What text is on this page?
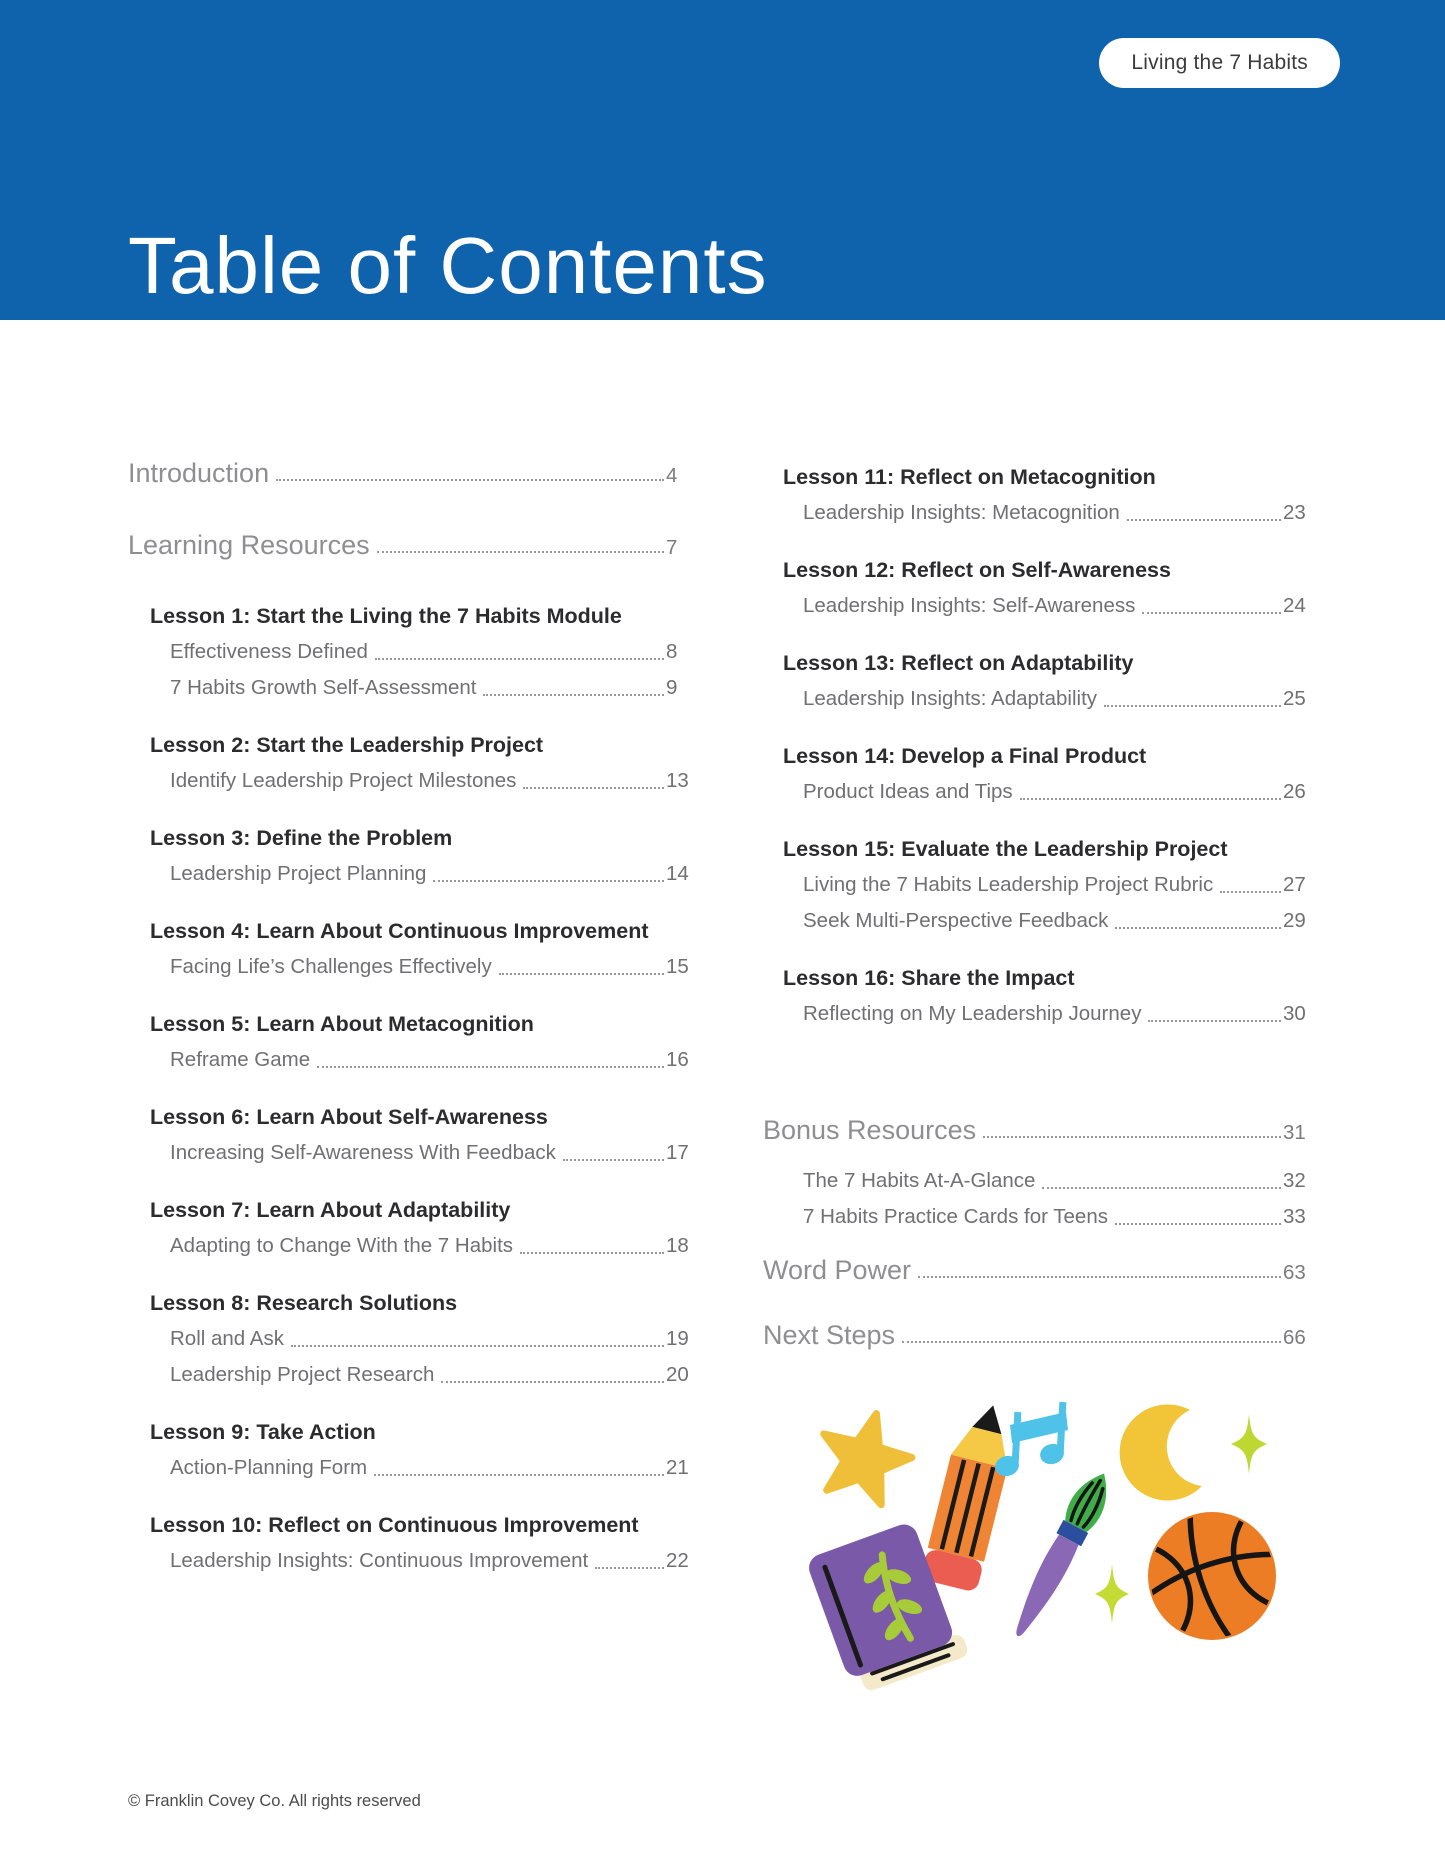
Living the 7 Habits
Table of Contents
Introduction	4
Learning Resources	7
Lesson 1: Start the Living the 7 Habits Module
Effectiveness Defined	8
7 Habits Growth Self-Assessment	9
Lesson 2: Start the Leadership Project
Identify Leadership Project Milestones	13
Lesson 3: Define the Problem
Leadership Project Planning	14
Lesson 4: Learn About Continuous Improvement
Facing Life’s Challenges Effectively	15
Lesson 5: Learn About Metacognition
Reframe Game	16
Lesson 6: Learn About Self-Awareness
Increasing Self-Awareness With Feedback	17
Lesson 7: Learn About Adaptability
Adapting to Change With the 7 Habits	18
Lesson 8: Research Solutions
Roll and Ask	19
Leadership Project Research	20
Lesson 9: Take Action
Action-Planning Form	21
Lesson 10: Reflect on Continuous Improvement
Leadership Insights: Continuous Improvement	22
Lesson 11: Reflect on Metacognition
Leadership Insights: Metacognition	23
Lesson 12: Reflect on Self-Awareness
Leadership Insights: Self-Awareness	24
Lesson 13: Reflect on Adaptability
Leadership Insights: Adaptability	25
Lesson 14: Develop a Final Product
Product Ideas and Tips	26
Lesson 15: Evaluate the Leadership Project
Living the 7 Habits Leadership Project Rubric	27
Seek Multi-Perspective Feedback	29
Lesson 16: Share the Impact
Reflecting on My Leadership Journey	30
Bonus Resources	31
The 7 Habits At-A-Glance	32
7 Habits Practice Cards for Teens	33
Word Power	63
Next Steps	66
© Franklin Covey Co. All rights reserved
